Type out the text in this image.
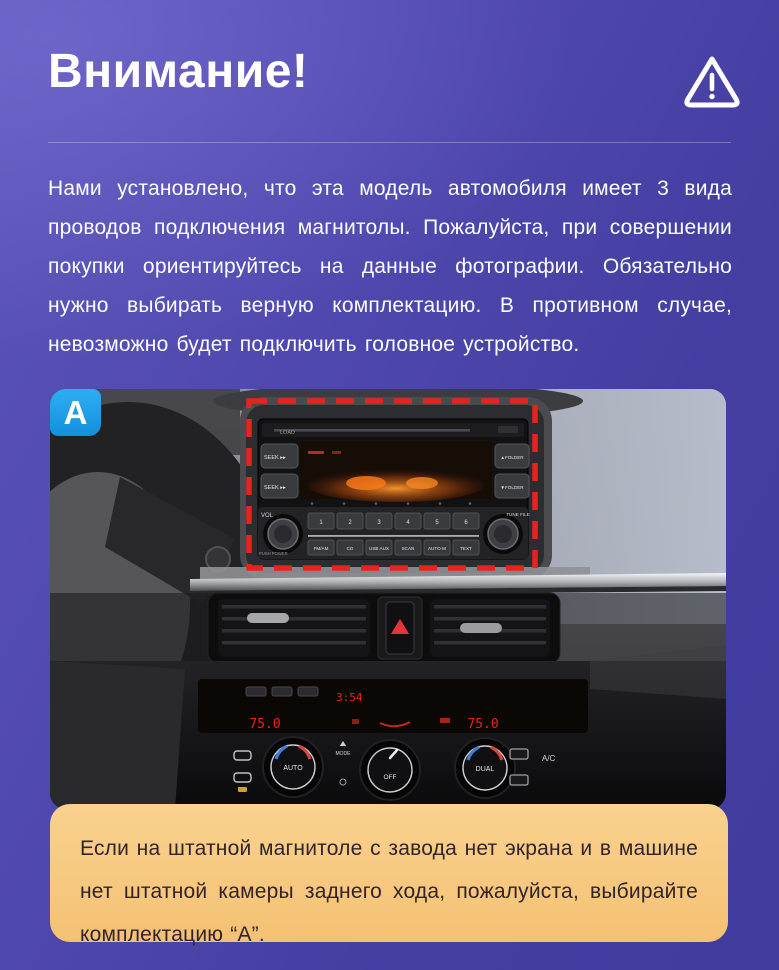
Внимание!

Нами установлено, что эта модель автомобиля имеет 3 вида проводов подключения магнитолы. Пожалуйста, при совершении покупки ориентируйтесь на данные фотографии. Обязательно нужно выбирать верную комплектацию. В противном случае, невозможно будет подключить головное устройство.

LOAD
SEEK ▸▸
SEEK ▸▸
▲FOLDER
▼FOLDER
VOL
PUSH POWER
TUNE FILE
1	2	3	4	5	6
FM/AM	CD	USB AUX	SCAN	AUTO·M	TEXT
3:54
75.0	75.0
AUTO
OFF
DUAL
MODE	A/C
A

Если на штатной магнитоле с завода нет экрана и в машине нет штатной камеры заднего хода, пожалуйста, выбирайте комплектацию “А”.
